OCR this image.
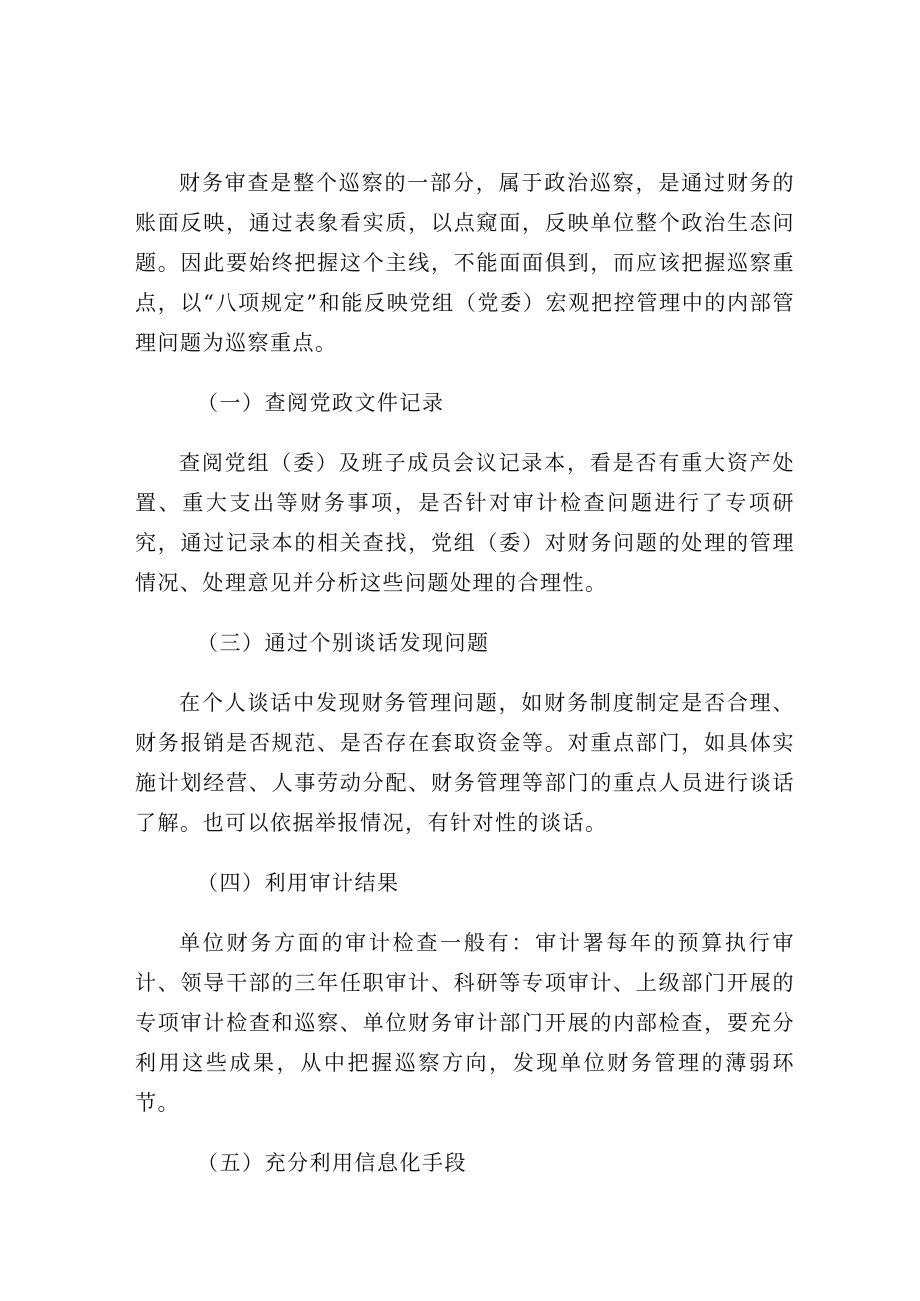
财务审查是整个巡察的一部分，属于政治巡察，是通过财务的账面反映，通过表象看实质，以点窥面，反映单位整个政治生态问题。因此要始终把握这个主线，不能面面俱到，而应该把握巡察重点，以“八项规定”和能反映党组（党委）宏观把控管理中的内部管理问题为巡察重点。

（一）查阅党政文件记录

查阅党组（委）及班子成员会议记录本，看是否有重大资产处置、重大支出等财务事项，是否针对审计检查问题进行了专项研究，通过记录本的相关查找，党组（委）对财务问题的处理的管理情况、处理意见并分析这些问题处理的合理性。

（三）通过个别谈话发现问题

在个人谈话中发现财务管理问题，如财务制度制定是否合理、财务报销是否规范、是否存在套取资金等。对重点部门，如具体实施计划经营、人事劳动分配、财务管理等部门的重点人员进行谈话了解。也可以依据举报情况，有针对性的谈话。

（四）利用审计结果

单位财务方面的审计检查一般有：审计署每年的预算执行审计、领导干部的三年任职审计、科研等专项审计、上级部门开展的专项审计检查和巡察、单位财务审计部门开展的内部检查，要充分利用这些成果，从中把握巡察方向，发现单位财务管理的薄弱环节。

（五）充分利用信息化手段
